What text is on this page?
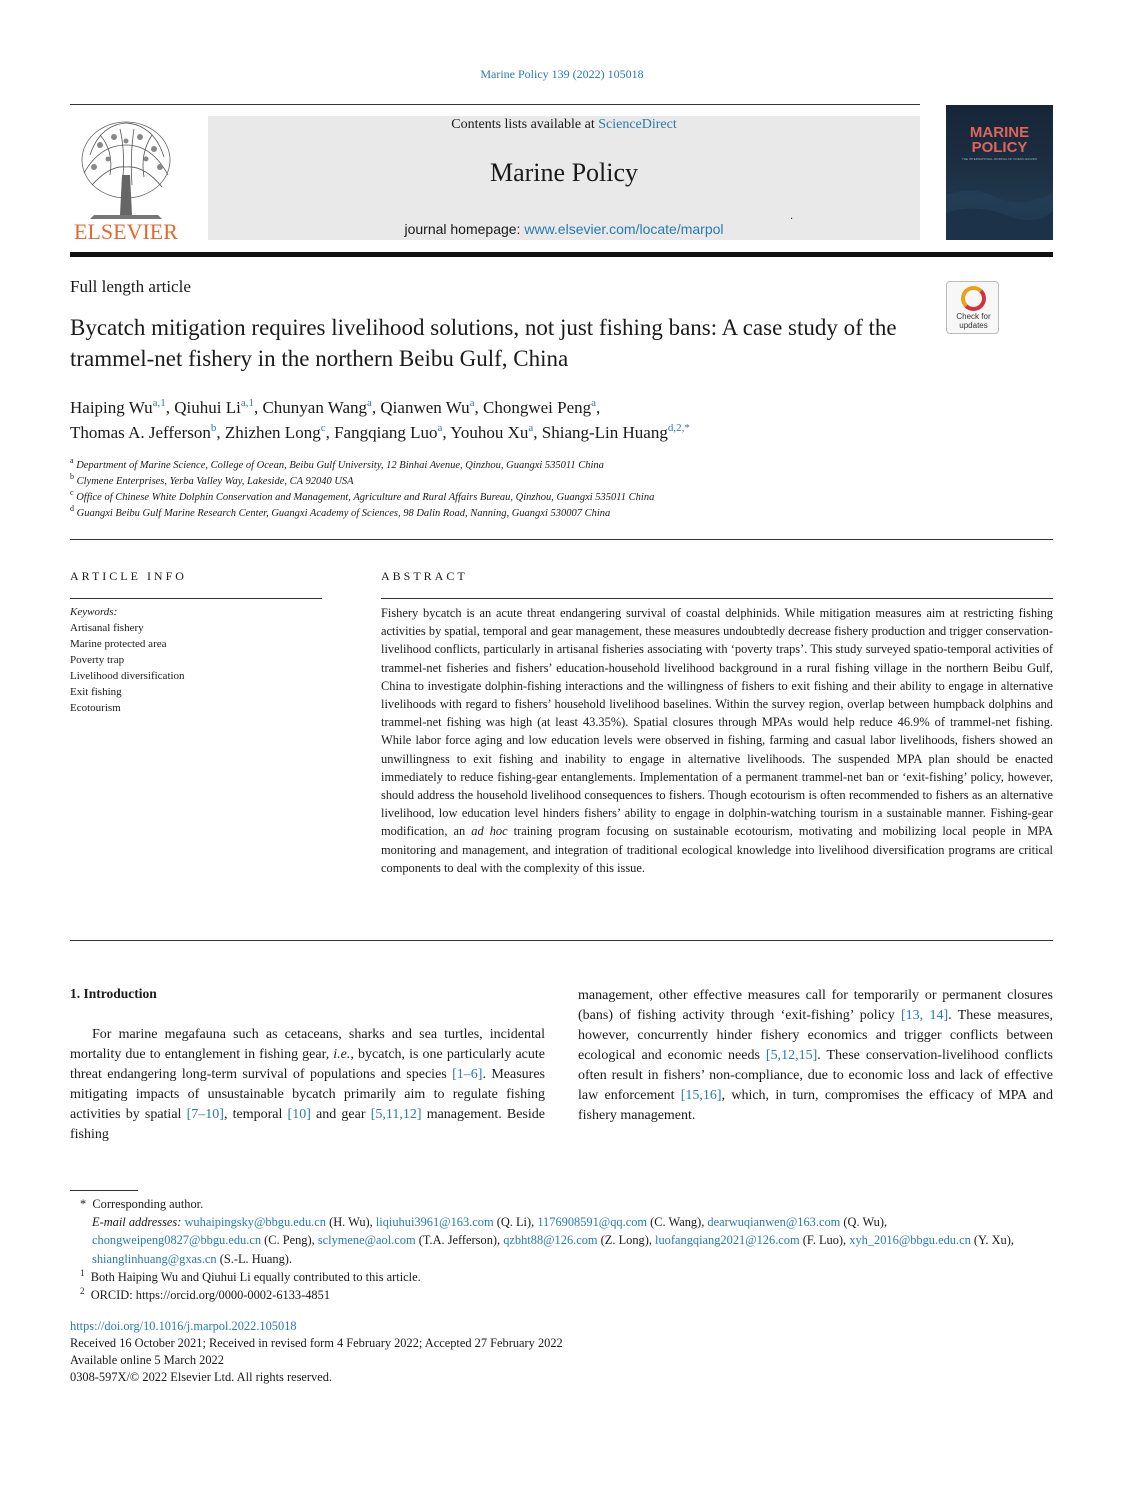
Marine Policy 139 (2022) 105018
ELSEVIER
Contents lists available at ScienceDirect
Marine Policy
journal homepage: www.elsevier.com/locate/marpol
.
MARINE POLICY
THE INTERNATIONAL JOURNAL OF OCEAN AFFAIRS
Full length article
Check for updates
Bycatch mitigation requires livelihood solutions, not just fishing bans: A case study of the trammel-net fishery in the northern Beibu Gulf, China
Haiping Wu$^{a,1}$, Qiuhui Li$^{a,1}$, Chunyan Wang$^a$, Qianwen Wu$^a$, Chongwei Peng$^a$,
Thomas A. Jefferson$^b$, Zhizhen Long$^c$, Fangqiang Luo$^a$, Youhou Xu$^a$, Shiang-Lin Huang$^{d,2,*}$
$^a$ Department of Marine Science, College of Ocean, Beibu Gulf University, 12 Binhai Avenue, Qinzhou, Guangxi 535011 China
$^b$ Clymene Enterprises, Yerba Valley Way, Lakeside, CA 92040 USA
$^c$ Office of Chinese White Dolphin Conservation and Management, Agriculture and Rural Affairs Bureau, Qinzhou, Guangxi 535011 China
$^d$ Guangxi Beibu Gulf Marine Research Center, Guangxi Academy of Sciences, 98 Dalin Road, Nanning, Guangxi 530007 China
ARTICLE INFO	ABSTRACT
Keywords:
Artisanal fishery
Marine protected area
Poverty trap
Livelihood diversification
Exit fishing
Ecotourism
Fishery bycatch is an acute threat endangering survival of coastal delphinids. While mitigation measures aim at restricting fishing activities by spatial, temporal and gear management, these measures undoubtedly decrease fishery production and trigger conservation-livelihood conflicts, particularly in artisanal fisheries associating with ‘poverty traps’. This study surveyed spatio-temporal activities of trammel-net fisheries and fishers’ education-household livelihood background in a rural fishing village in the northern Beibu Gulf, China to investigate dolphin-fishing interactions and the willingness of fishers to exit fishing and their ability to engage in alternative livelihoods with regard to fishers’ household livelihood baselines. Within the survey region, overlap between humpback dolphins and trammel-net fishing was high (at least 43.35%). Spatial closures through MPAs would help reduce 46.9% of trammel-net fishing. While labor force aging and low education levels were observed in fishing, farming and casual labor livelihoods, fishers showed an unwillingness to exit fishing and inability to engage in alternative livelihoods. The suspended MPA plan should be enacted immediately to reduce fishing-gear entanglements. Implementation of a permanent trammel-net ban or ‘exit-fishing’ policy, however, should address the household livelihood consequences to fishers. Though ecotourism is often recommended to fishers as an alternative livelihood, low education level hinders fishers’ ability to engage in dolphin-watching tourism in a sustainable manner. Fishing-gear modification, an ad hoc training program focusing on sustainable ecotourism, motivating and mobilizing local people in MPA monitoring and management, and integration of traditional ecological knowledge into livelihood diversification programs are critical components to deal with the complexity of this issue.
1. Introduction
For marine megafauna such as cetaceans, sharks and sea turtles, incidental mortality due to entanglement in fishing gear, i.e., bycatch, is one particularly acute threat endangering long-term survival of populations and species [1–6]. Measures mitigating impacts of unsustainable bycatch primarily aim to regulate fishing activities by spatial [7–10], temporal [10] and gear [5,11,12] management. Beside fishing
management, other effective measures call for temporarily or permanent closures (bans) of fishing activity through ‘exit-fishing’ policy [13, 14]. These measures, however, concurrently hinder fishery economics and trigger conflicts between ecological and economic needs [5,12,15]. These conservation-livelihood conflicts often result in fishers’ non-compliance, due to economic loss and lack of effective law enforcement [15,16], which, in turn, compromises the efficacy of MPA and fishery management.
* Corresponding author.
E-mail addresses: wuhaipingsky@bbgu.edu.cn (H. Wu), liqiuhui3961@163.com (Q. Li), 1176908591@qq.com (C. Wang), dearwuqianwen@163.com (Q. Wu), chongweipeng0827@bbgu.edu.cn (C. Peng), sclymene@aol.com (T.A. Jefferson), qzbht88@126.com (Z. Long), luofangqiang2021@126.com (F. Luo), xyh_2016@bbgu.edu.cn (Y. Xu), shianglinhuang@gxas.cn (S.-L. Huang).
$^1$ Both Haiping Wu and Qiuhui Li equally contributed to this article.
$^2$ ORCID: https://orcid.org/0000-0002-6133-4851
https://doi.org/10.1016/j.marpol.2022.105018
Received 16 October 2021; Received in revised form 4 February 2022; Accepted 27 February 2022
Available online 5 March 2022
0308-597X/© 2022 Elsevier Ltd. All rights reserved.
